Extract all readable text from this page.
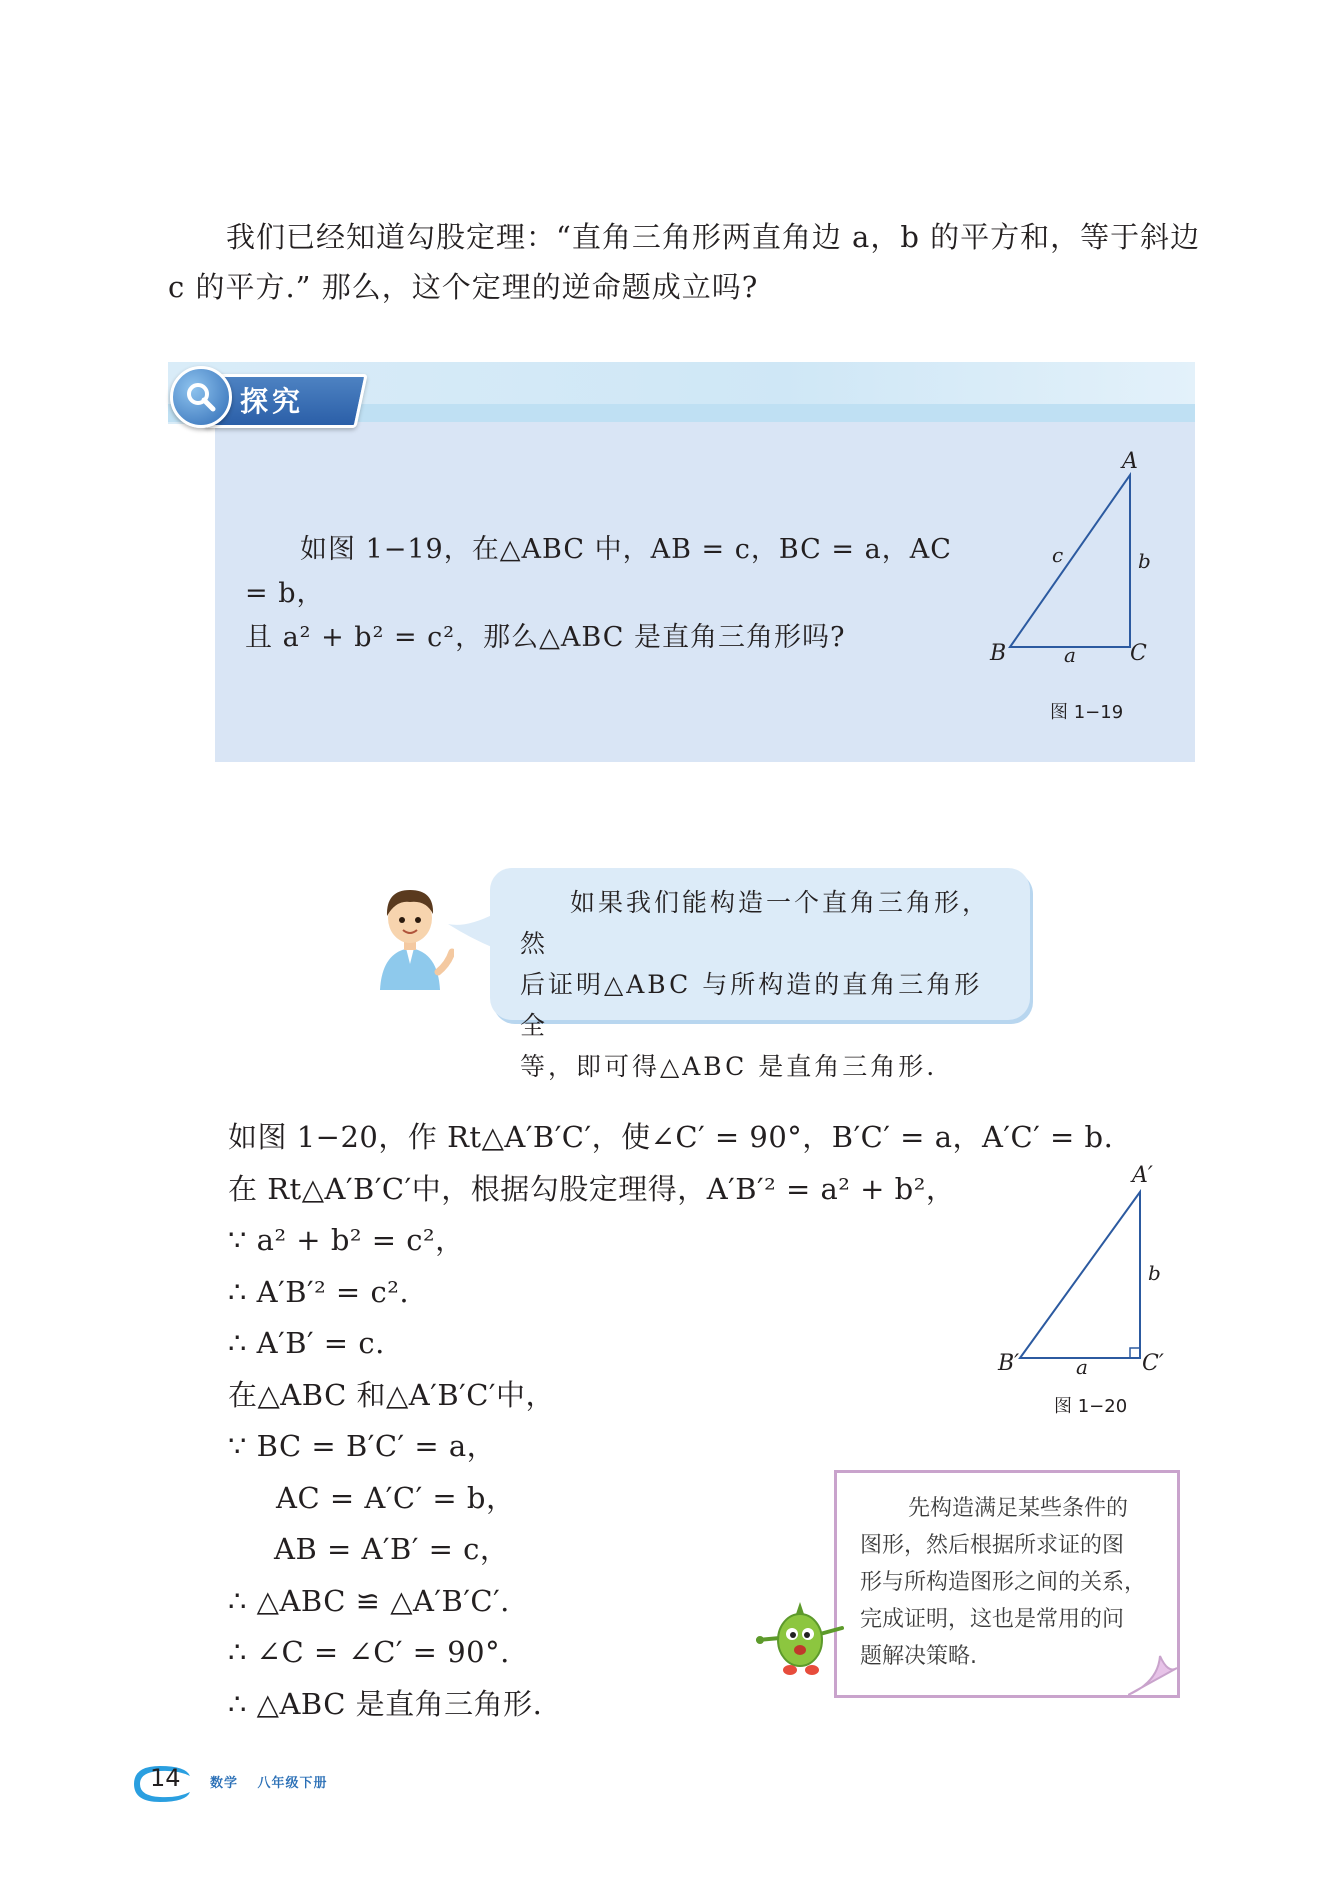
我们已经知道勾股定理：“直角三角形两直角边 a，b 的平方和，等于斜边

c 的平方.” 那么，这个定理的逆命题成立吗?

探究

如图 1−19，在△ABC 中，AB = c，BC = a，AC = b，

且 a² + b² = c²，那么△ABC 是直角三角形吗?

A
B	C
a
b
c
图 1−19

如果我们能构造一个直角三角形，然

后证明△ABC 与所构造的直角三角形全

等，即可得△ABC 是直角三角形.

如图 1−20，作 Rt△A′B′C′，使∠C′ = 90°，B′C′ = a，A′C′ = b.
在 Rt△A′B′C′中，根据勾股定理得，A′B′² = a² + b²，
∵ a² + b² = c²，
∴ A′B′² = c².
∴ A′B′ = c.
在△ABC 和△A′B′C′中，
∵ BC = B′C′ = a，
AC = A′C′ = b，
AB = A′B′ = c，
∴ △ABC ≌ △A′B′C′.
∴ ∠C = ∠C′ = 90°.
∴ △ABC 是直角三角形.
A′
B′	C′
a
b
图 1−20

先构造满足某些条件的

图形，然后根据所求证的图

形与所构造图形之间的关系，

完成证明，这也是常用的问

题解决策略.

14 数学 八年级下册
